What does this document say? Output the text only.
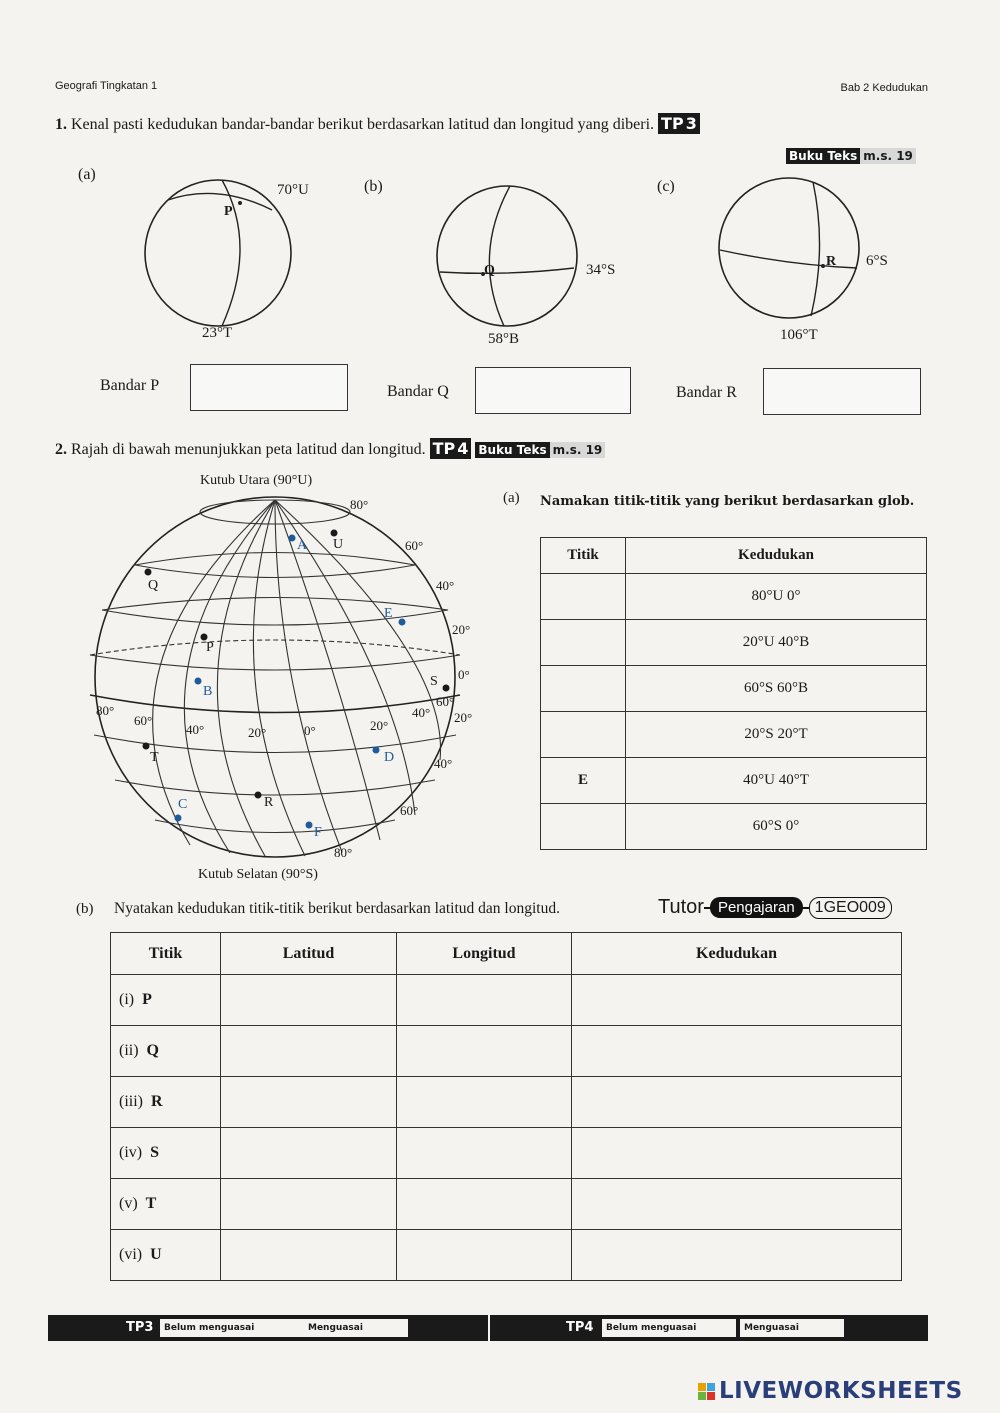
Geografi Tingkatan 1	Bab 2 Kedudukan
1. Kenal pasti kedudukan bandar-bandar berikut berdasarkan latitud dan longitud yang diberi. TP 3
Buku Teks m.s. 19
(a)
P
70°U
23°T
(b)
Q	34°S
58°B
(c)
R 6°S
106°T
Bandar P	Bandar Q	Bandar R
2. Rajah di bawah menunjukkan peta latitud dan longitud. TP 4 Buku Teks m.s. 19
Kutub Utara (90°U)
Kutub Selatan (90°S)
A U
Q
E
P
B
S
T	D
C	R
F
80°
60°
40°
20°
0°
20°
40°
60°
80°
80°
60°
40°	20°	0°	20°
40°
60°
(a) Namakan titik-titik yang berikut berdasarkan glob.
Titik	Kedudukan
	80°U 0°
	20°U 40°B
	60°S 60°B
	20°S 20°T
E	40°U 40°T
	60°S 0°
(b) Nyatakan kedudukan titik-titik berikut berdasarkan latitud dan longitud.	Tutor Pengajaran	1GEO009
Titik	Latitud	Longitud	Kedudukan
(i) P			
(ii) Q			
(iii) R			
(iv) S			
(v) T			
(vi) U			
TP3	Belum menguasai	Menguasai	TP4	Belum menguasai	Menguasai
LIVEWORKSHEETS
